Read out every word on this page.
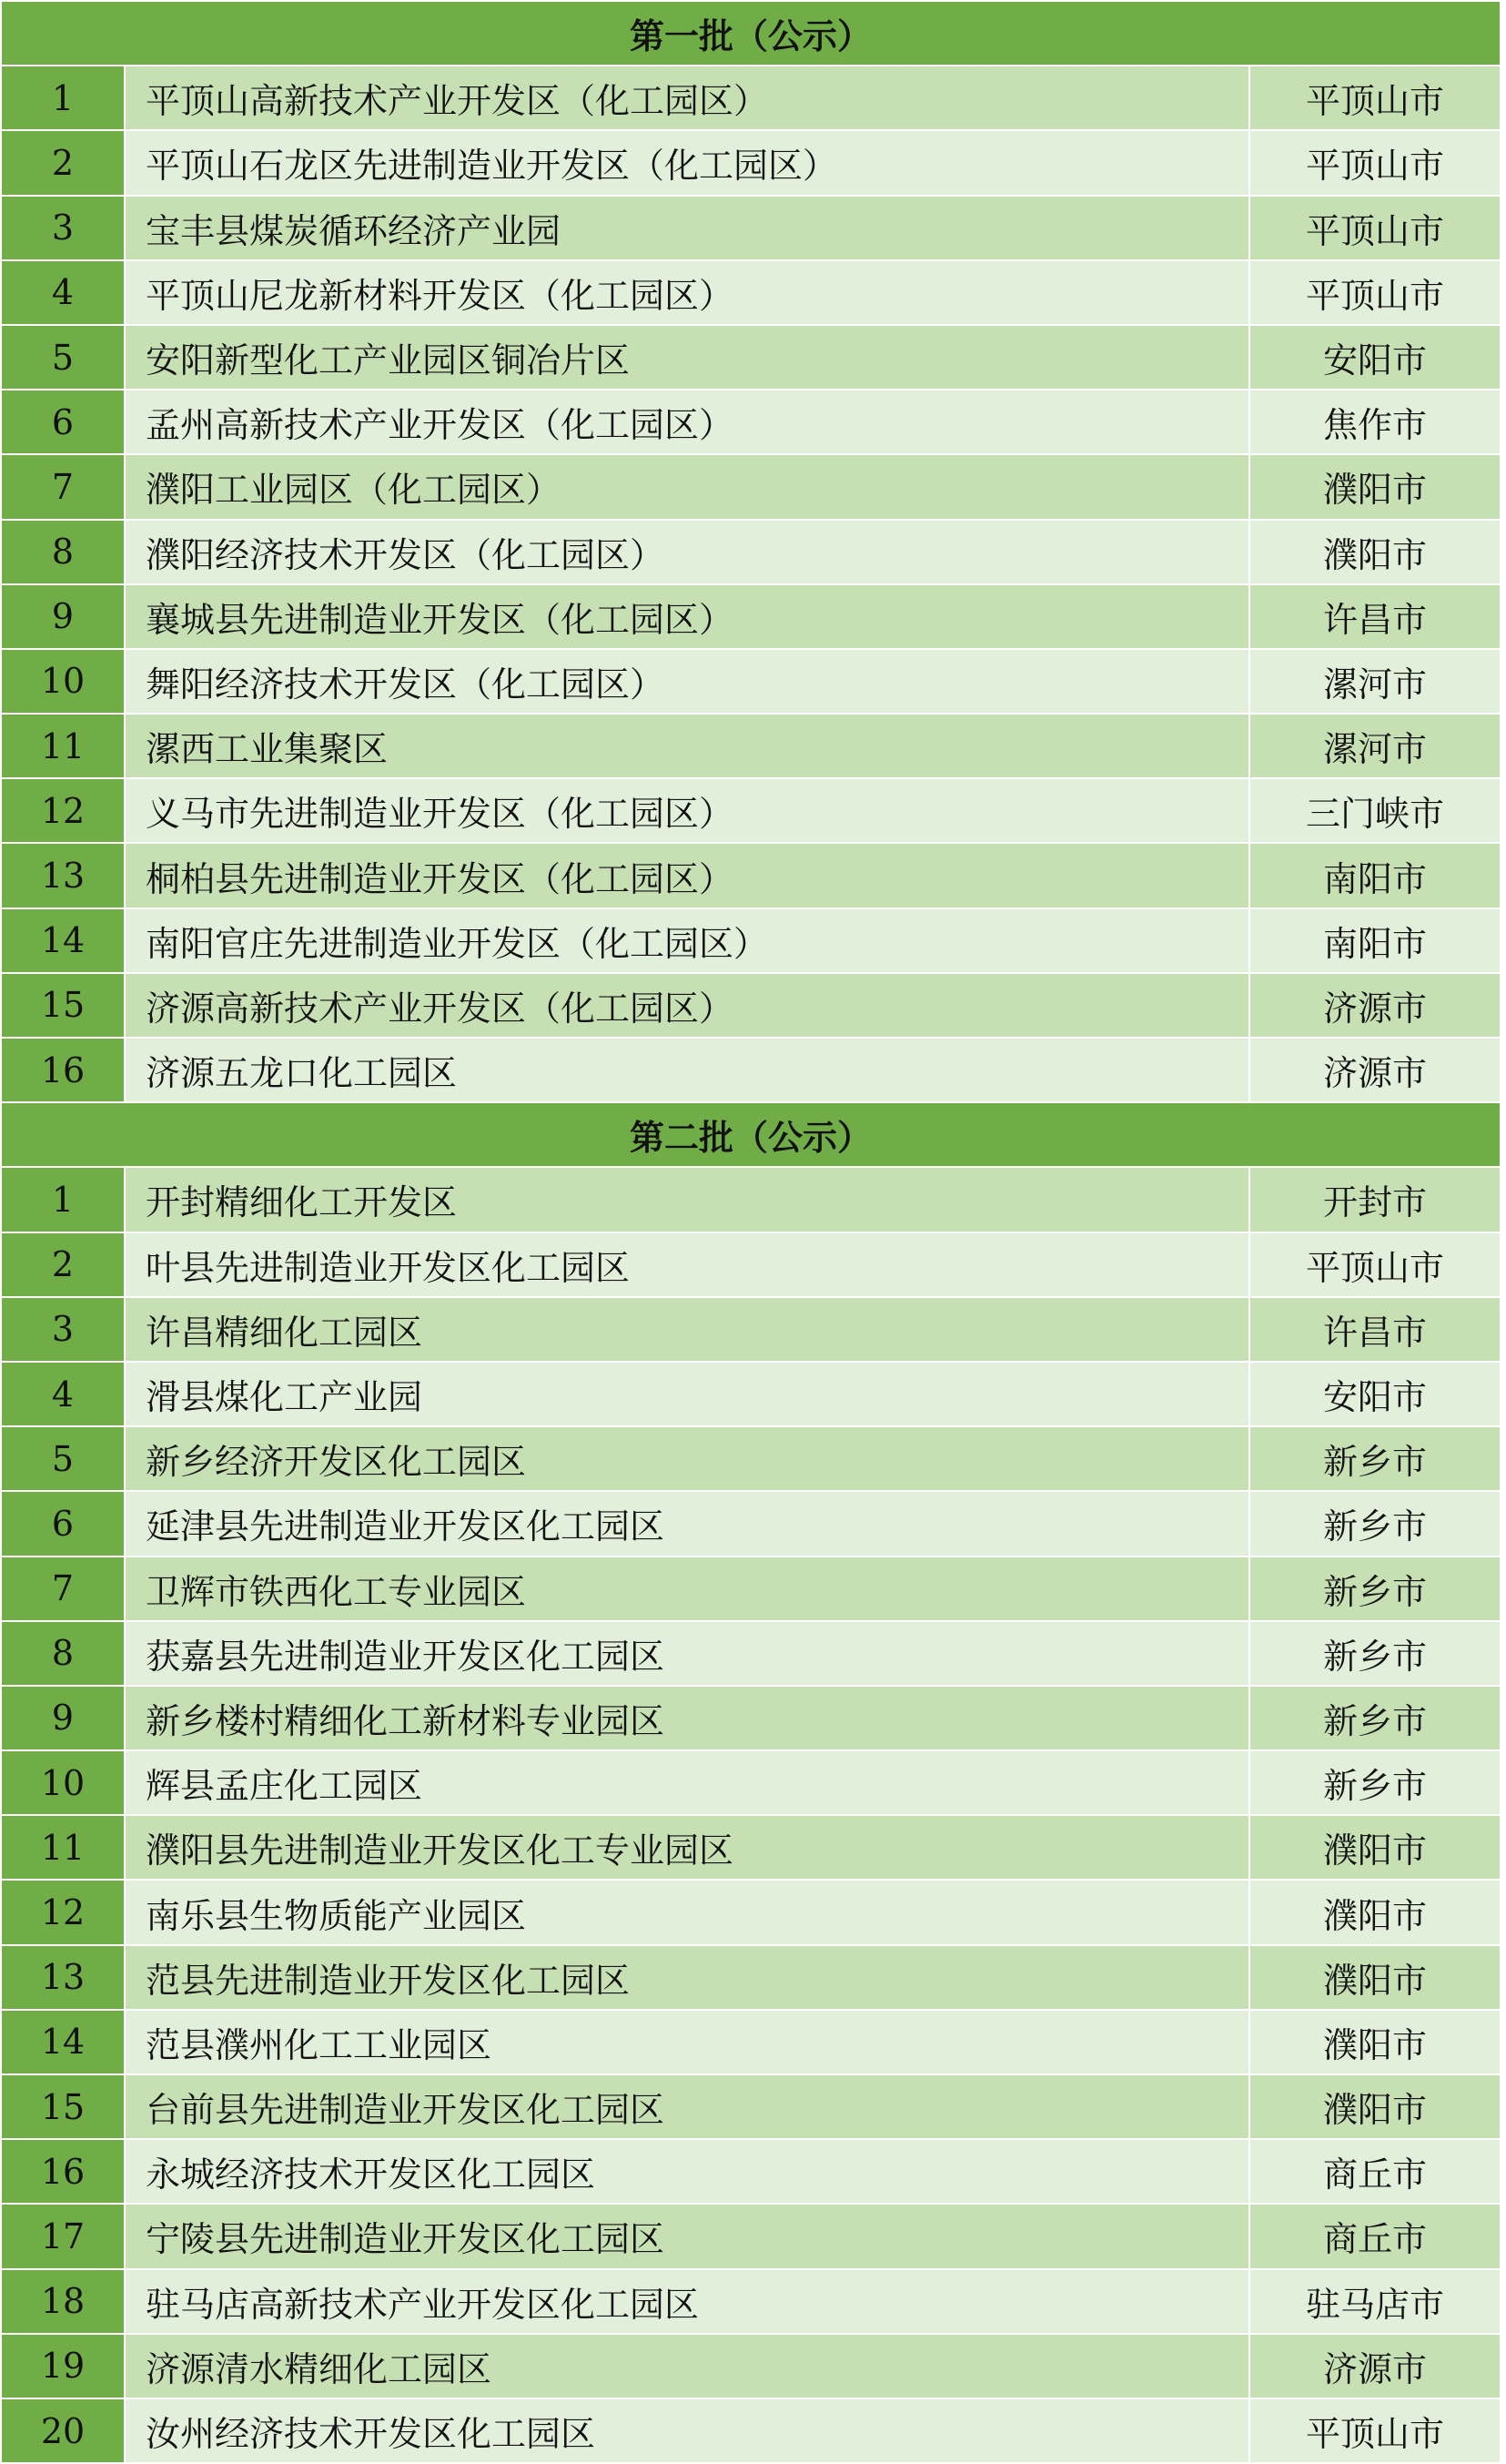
第一批（公示）		
1	平顶山高新技术产业开发区（化工园区）	平顶山市
2	平顶山石龙区先进制造业开发区（化工园区）	平顶山市
3	宝丰县煤炭循环经济产业园	平顶山市
4	平顶山尼龙新材料开发区（化工园区）	平顶山市
5	安阳新型化工产业园区铜冶片区	安阳市
6	孟州高新技术产业开发区（化工园区）	焦作市
7	濮阳工业园区（化工园区）	濮阳市
8	濮阳经济技术开发区（化工园区）	濮阳市
9	襄城县先进制造业开发区（化工园区）	许昌市
10	舞阳经济技术开发区（化工园区）	漯河市
11	漯西工业集聚区	漯河市
12	义马市先进制造业开发区（化工园区）	三门峡市
13	桐柏县先进制造业开发区（化工园区）	南阳市
14	南阳官庄先进制造业开发区（化工园区）	南阳市
15	济源高新技术产业开发区（化工园区）	济源市
16	济源五龙口化工园区	济源市
第二批（公示）		
1	开封精细化工开发区	开封市
2	叶县先进制造业开发区化工园区	平顶山市
3	许昌精细化工园区	许昌市
4	滑县煤化工产业园	安阳市
5	新乡经济开发区化工园区	新乡市
6	延津县先进制造业开发区化工园区	新乡市
7	卫辉市铁西化工专业园区	新乡市
8	获嘉县先进制造业开发区化工园区	新乡市
9	新乡楼村精细化工新材料专业园区	新乡市
10	辉县孟庄化工园区	新乡市
11	濮阳县先进制造业开发区化工专业园区	濮阳市
12	南乐县生物质能产业园区	濮阳市
13	范县先进制造业开发区化工园区	濮阳市
14	范县濮州化工工业园区	濮阳市
15	台前县先进制造业开发区化工园区	濮阳市
16	永城经济技术开发区化工园区	商丘市
17	宁陵县先进制造业开发区化工园区	商丘市
18	驻马店高新技术产业开发区化工园区	驻马店市
19	济源清水精细化工园区	济源市
20	汝州经济技术开发区化工园区	平顶山市
